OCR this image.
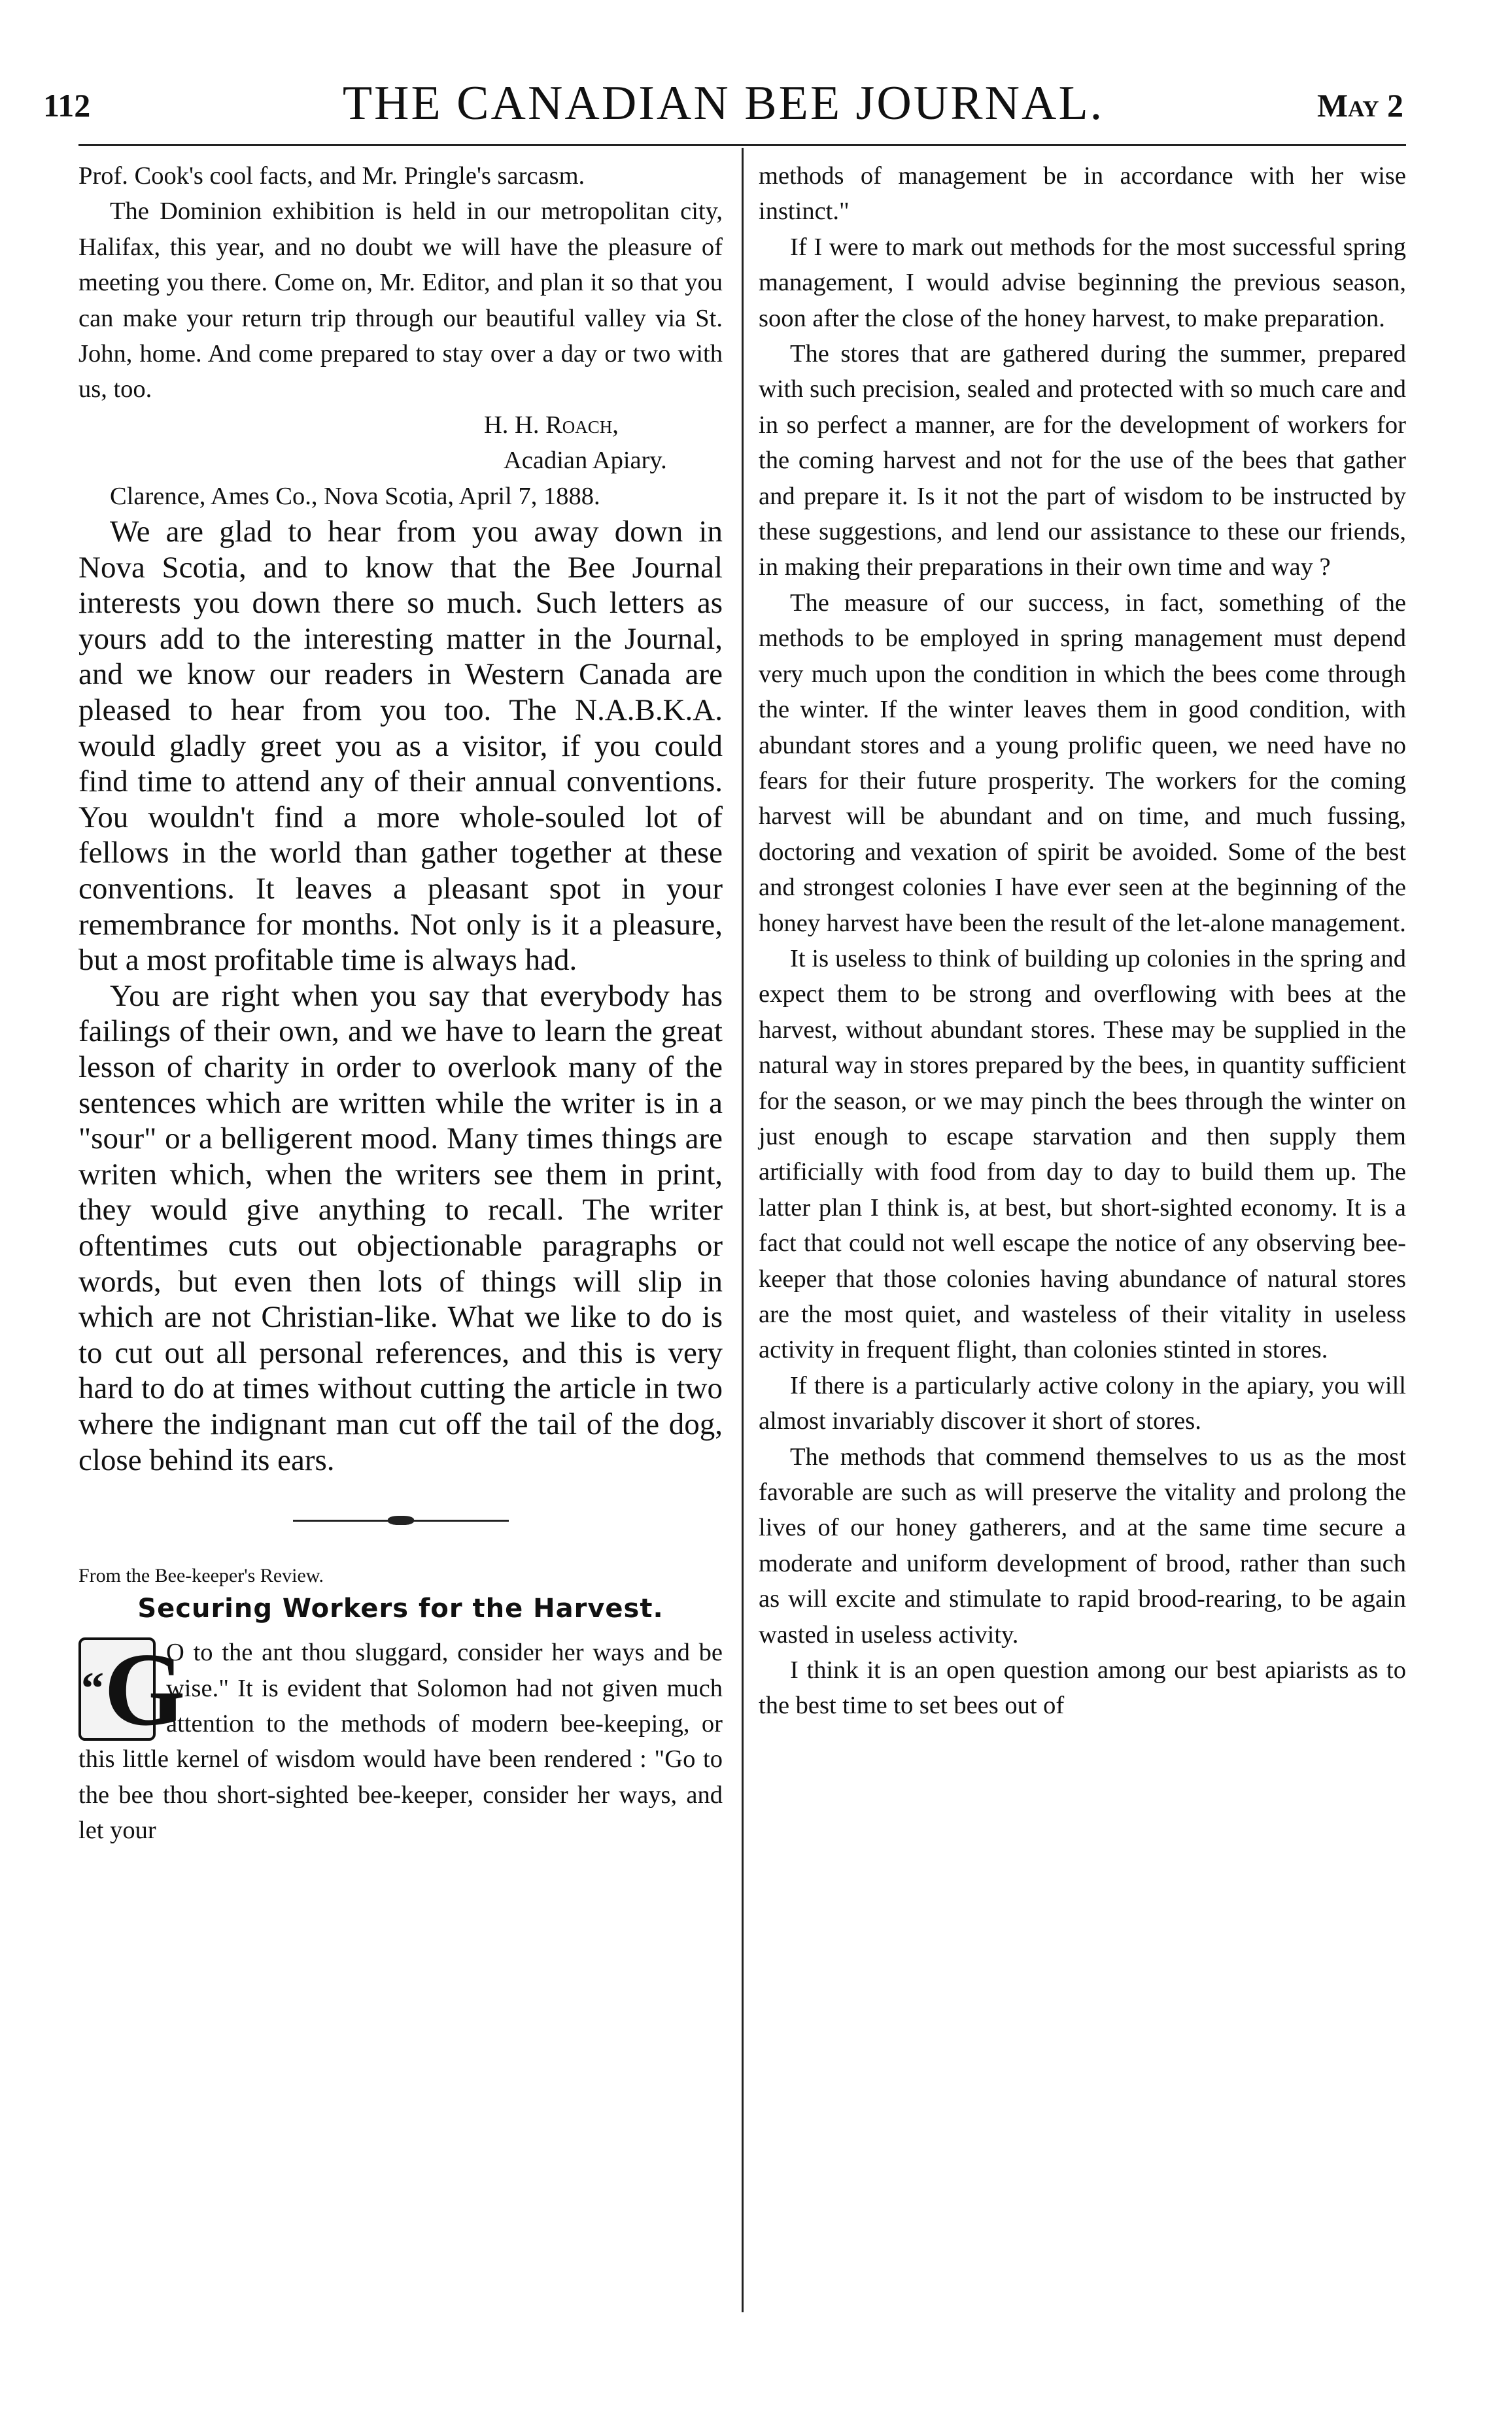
112	THE CANADIAN BEE JOURNAL.	May 2

Prof. Cook's cool facts, and Mr. Pringle's sarcasm.

The Dominion exhibition is held in our metropolitan city, Halifax, this year, and no doubt we will have the pleasure of meeting you there. Come on, Mr. Editor, and plan it so that you can make your return trip through our beautiful valley via St. John, home. And come prepared to stay over a day or two with us, too.

H. H. Roach,
Acadian Apiary.
Clarence, Ames Co., Nova Scotia, April 7, 1888.

We are glad to hear from you away down in Nova Scotia, and to know that the Bee Journal interests you down there so much. Such letters as yours add to the interesting matter in the Journal, and we know our readers in Western Canada are pleased to hear from you too. The N.A.B.K.A. would gladly greet you as a visitor, if you could find time to attend any of their annual conventions. You wouldn't find a more whole-souled lot of fellows in the world than gather together at these conventions. It leaves a pleasant spot in your remembrance for months. Not only is it a pleasure, but a most profitable time is always had.

You are right when you say that everybody has failings of their own, and we have to learn the great lesson of charity in order to overlook many of the sentences which are written while the writer is in a "sour" or a belligerent mood. Many times things are writen which, when the writers see them in print, they would give anything to recall. The writer oftentimes cuts out objectionable paragraphs or words, but even then lots of things will slip in which are not Christian-like. What we like to do is to cut out all personal references, and this is very hard to do at times without cutting the article in two where the indignant man cut off the tail of the dog, close behind its ears.

From the Bee-keeper's Review.
Securing Workers for the Harvest.

“G
O to the ant thou sluggard, consider her ways and be wise." It is evident that Solomon had not given much attention to the methods of modern bee-keeping, or this little kernel of wisdom would have been rendered : "Go to the bee thou short-sighted bee-keeper, consider her ways, and let your

methods of management be in accordance with her wise instinct."

If I were to mark out methods for the most successful spring management, I would advise beginning the previous season, soon after the close of the honey harvest, to make preparation.

The stores that are gathered during the summer, prepared with such precision, sealed and protected with so much care and in so perfect a manner, are for the development of workers for the coming harvest and not for the use of the bees that gather and prepare it. Is it not the part of wisdom to be instructed by these suggestions, and lend our assistance to these our friends, in making their preparations in their own time and way ?

The measure of our success, in fact, something of the methods to be employed in spring management must depend very much upon the condition in which the bees come through the winter. If the winter leaves them in good condition, with abundant stores and a young prolific queen, we need have no fears for their future prosperity. The workers for the coming harvest will be abundant and on time, and much fussing, doctoring and vexation of spirit be avoided. Some of the best and strongest colonies I have ever seen at the beginning of the honey harvest have been the result of the let-alone management.

It is useless to think of building up colonies in the spring and expect them to be strong and overflowing with bees at the harvest, without abundant stores. These may be supplied in the natural way in stores prepared by the bees, in quantity sufficient for the season, or we may pinch the bees through the winter on just enough to escape starvation and then supply them artificially with food from day to day to build them up. The latter plan I think is, at best, but short-sighted economy. It is a fact that could not well escape the notice of any observing bee-keeper that those colonies having abundance of natural stores are the most quiet, and wasteless of their vitality in useless activity in frequent flight, than colonies stinted in stores.

If there is a particularly active colony in the apiary, you will almost invariably discover it short of stores.

The methods that commend themselves to us as the most favorable are such as will preserve the vitality and prolong the lives of our honey gatherers, and at the same time secure a moderate and uniform development of brood, rather than such as will excite and stimulate to rapid brood-rearing, to be again wasted in useless activity.

I think it is an open question among our best apiarists as to the best time to set bees out of
